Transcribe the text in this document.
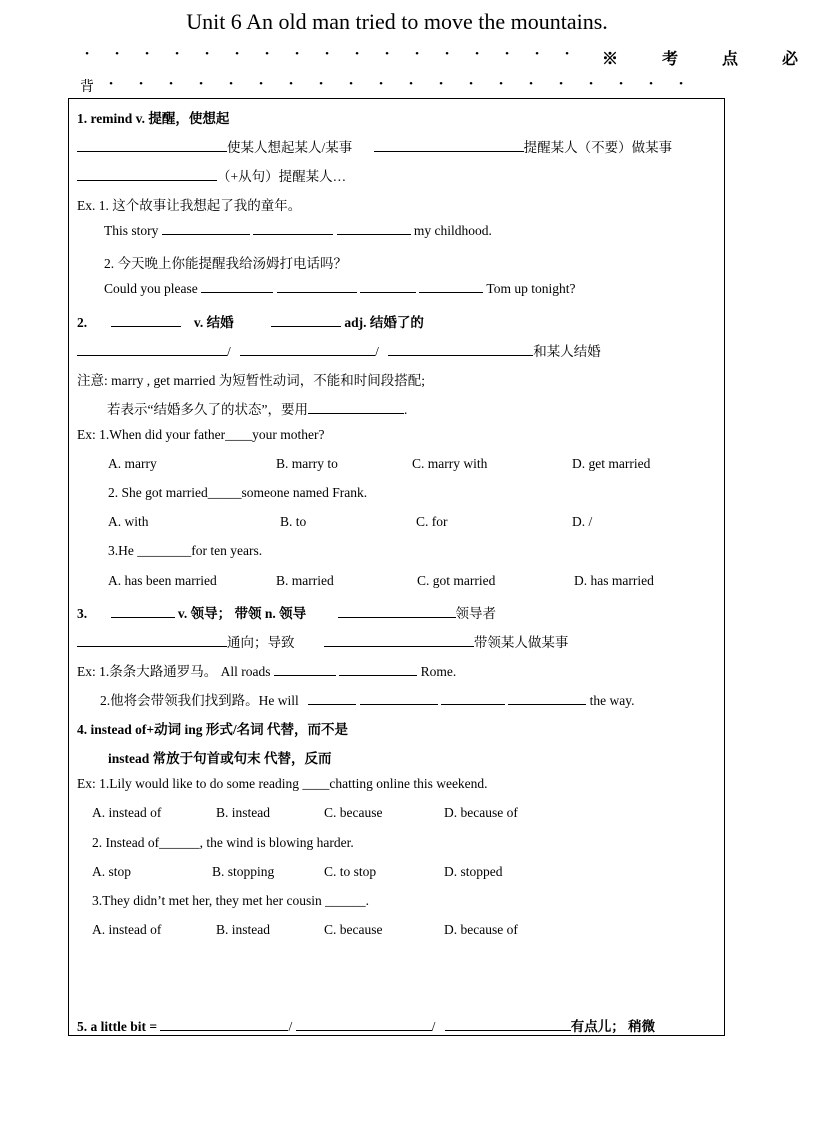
Unit 6 An old man tried to move the mountains.
• • • • • • • • • • • • • • • • •	※ 考 点 必
背	• • • • • • • • • • • • • • • • • • • •
1. remind v. 提醒，使想起
使某人想起某人/某事	提醒某人（不要）做某事
（+从句）提醒某人…
Ex. 1. 这个故事让我想起了我的童年。
This story	my childhood.
2. 今天晚上你能提醒我给汤姆打电话吗？
Could you please	Tom up tonight?
2.	v. 结婚	adj. 结婚了的
/	/	和某人结婚
注意: marry , get married 为短暂性动词，不能和时间段搭配;
若表示“结婚多久了的状态”，要用	.
Ex: 1.When did your father____your mother?
A. marry	B. marry to	C. marry with	D. get married
2. She got married_____someone named Frank.
A. with	B. to	C. for	D. /
3.He ________for ten years.
A. has been married	B. married	C. got married	D. has married
3.	v. 领导； 带领 n. 领导	领导者
通向；导致	带领某人做某事
Ex: 1.条条大路通罗马。 All roads	Rome.
2.他将会带领我们找到路。He will	the way.
4. instead of+动词 ing 形式/名词 代替，而不是
instead 常放于句首或句末 代替，反而
Ex: 1.Lily would like to do some reading ____chatting online this weekend.
A. instead of	B. instead	C. because	D. because of
2. Instead of______, the wind is blowing harder.
A. stop	B. stopping	C. to stop	D. stopped
3.They didn’t met her, they met her cousin ______.
A. instead of	B. instead	C. because	D. because of
5. a little bit =	/	/	有点儿； 稍微
